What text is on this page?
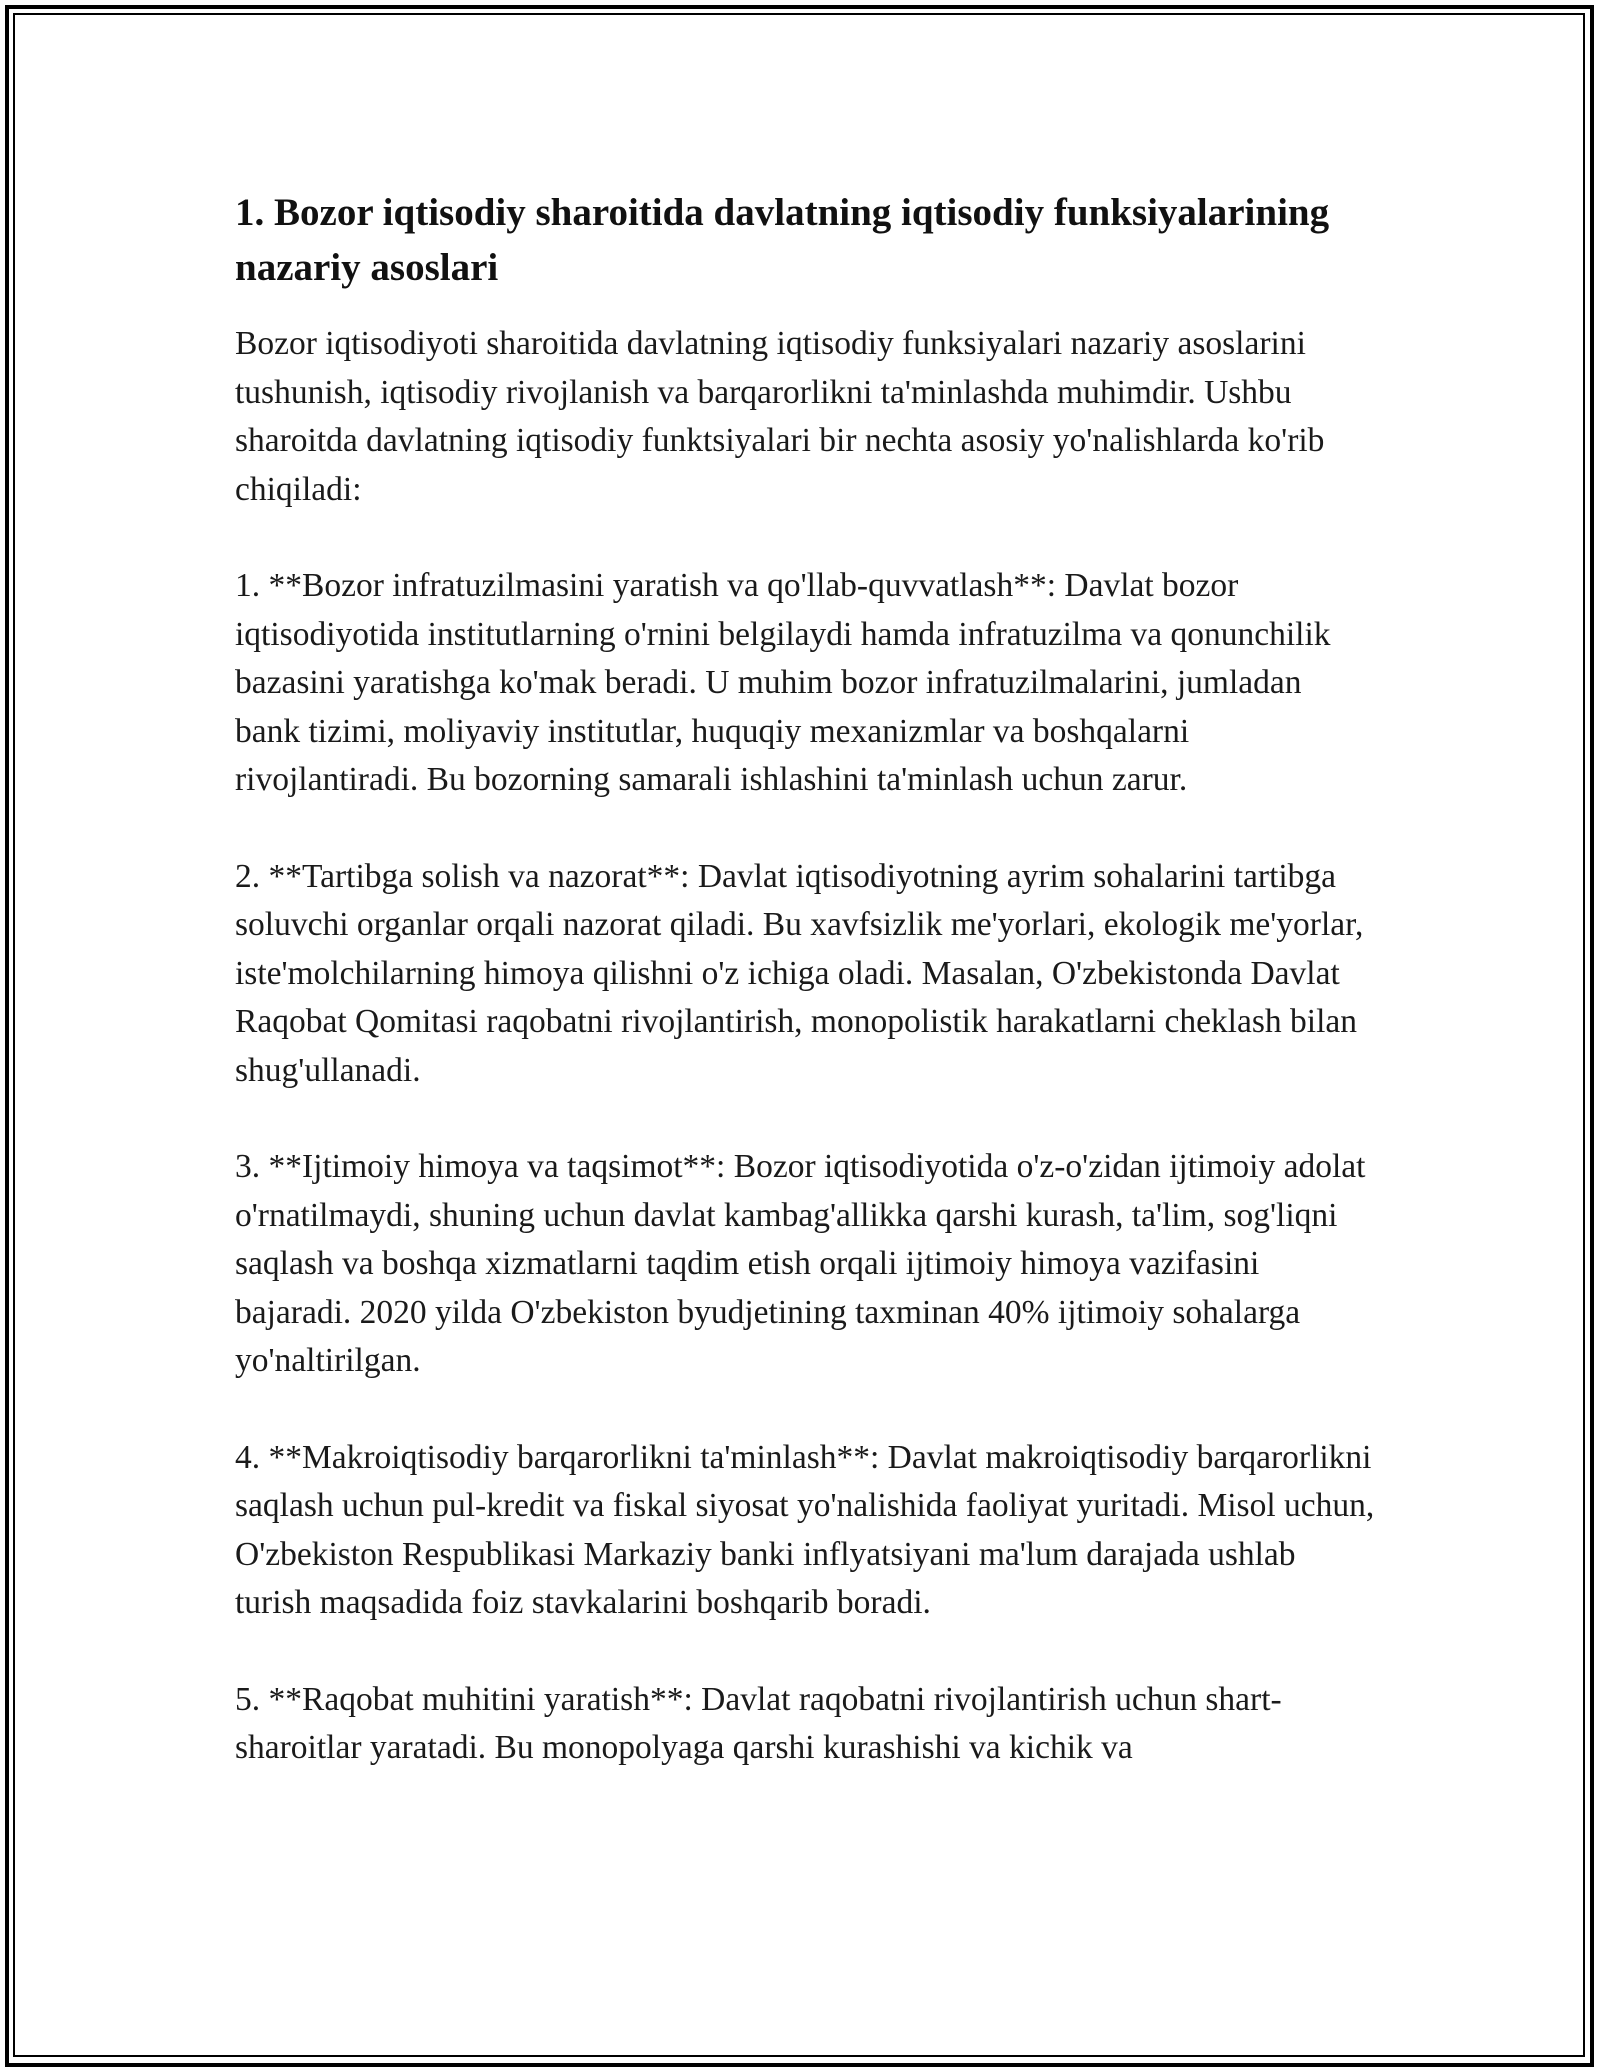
1. Bozor iqtisodiy sharoitida davlatning iqtisodiy funksiyalarining nazariy asoslari

Bozor iqtisodiyoti sharoitida davlatning iqtisodiy funksiyalari nazariy asoslarini tushunish, iqtisodiy rivojlanish va barqarorlikni ta'minlashda muhimdir. Ushbu sharoitda davlatning iqtisodiy funktsiyalari bir nechta asosiy yo'nalishlarda ko'rib chiqiladi:

1. **Bozor infratuzilmasini yaratish va qo'llab-quvvatlash**: Davlat bozor iqtisodiyotida institutlarning o'rnini belgilaydi hamda infratuzilma va qonunchilik bazasini yaratishga ko'mak beradi. U muhim bozor infratuzilmalarini, jumladan bank tizimi, moliyaviy institutlar, huquqiy mexanizmlar va boshqalarni rivojlantiradi. Bu bozorning samarali ishlashini ta'minlash uchun zarur.

2. **Tartibga solish va nazorat**: Davlat iqtisodiyotning ayrim sohalarini tartibga soluvchi organlar orqali nazorat qiladi. Bu xavfsizlik me'yorlari, ekologik me'yorlar, iste'molchilarning himoya qilishni o'z ichiga oladi. Masalan, O'zbekistonda Davlat Raqobat Qomitasi raqobatni rivojlantirish, monopolistik harakatlarni cheklash bilan shug'ullanadi.

3. **Ijtimoiy himoya va taqsimot**: Bozor iqtisodiyotida o'z-o'zidan ijtimoiy adolat o'rnatilmaydi, shuning uchun davlat kambag'allikka qarshi kurash, ta'lim, sog'liqni saqlash va boshqa xizmatlarni taqdim etish orqali ijtimoiy himoya vazifasini bajaradi. 2020 yilda O'zbekiston byudjetining taxminan 40% ijtimoiy sohalarga yo'naltirilgan.

4. **Makroiqtisodiy barqarorlikni ta'minlash**: Davlat makroiqtisodiy barqarorlikni saqlash uchun pul-kredit va fiskal siyosat yo'nalishida faoliyat yuritadi. Misol uchun, O'zbekiston Respublikasi Markaziy banki inflyatsiyani ma'lum darajada ushlab turish maqsadida foiz stavkalarini boshqarib boradi.

5. **Raqobat muhitini yaratish**: Davlat raqobatni rivojlantirish uchun shart-sharoitlar yaratadi. Bu monopolyaga qarshi kurashishi va kichik va
